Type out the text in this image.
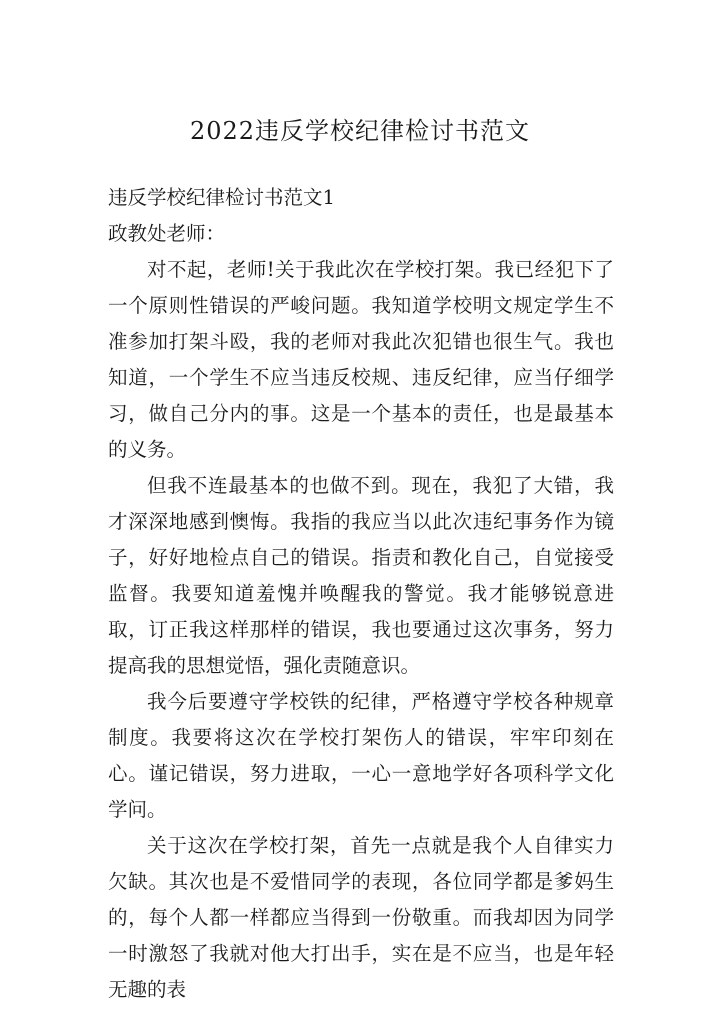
2022违反学校纪律检讨书范文
违反学校纪律检讨书范文1
政教处老师：
对不起，老师!关于我此次在学校打架。我已经犯下了一个原则性错误的严峻问题。我知道学校明文规定学生不准参加打架斗殴，我的老师对我此次犯错也很生气。我也知道，一个学生不应当违反校规、违反纪律，应当仔细学习，做自己分内的事。这是一个基本的责任，也是最基本的义务。
但我不连最基本的也做不到。现在，我犯了大错，我才深深地感到懊悔。我指的我应当以此次违纪事务作为镜子，好好地检点自己的错误。指责和教化自己，自觉接受监督。我要知道羞愧并唤醒我的警觉。我才能够锐意进取，订正我这样那样的错误，我也要通过这次事务，努力提高我的思想觉悟，强化责随意识。
我今后要遵守学校铁的纪律，严格遵守学校各种规章制度。我要将这次在学校打架伤人的错误，牢牢印刻在心。谨记错误，努力进取，一心一意地学好各项科学文化学问。
关于这次在学校打架，首先一点就是我个人自律实力欠缺。其次也是不爱惜同学的表现，各位同学都是爹妈生的，每个人都一样都应当得到一份敬重。而我却因为同学一时激怒了我就对他大打出手，实在是不应当，也是年轻无趣的表
